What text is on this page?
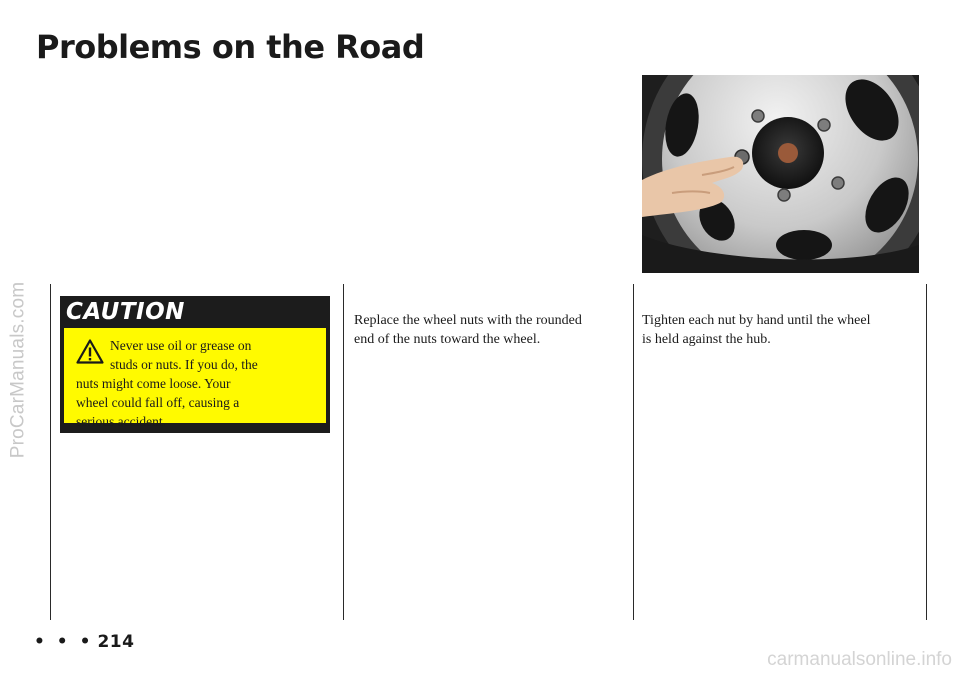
ProCarManuals.com
Problems on the Road
CAUTION
Never use oil or grease on
studs or nuts. If you do, the
nuts might come loose. Your
wheel could fall off, causing a
serious accident.
Replace the wheel nuts with the rounded
end of the nuts toward the wheel.
Tighten each nut by hand until the wheel
is held against the hub.
• • • 214
carmanualsonline.info
